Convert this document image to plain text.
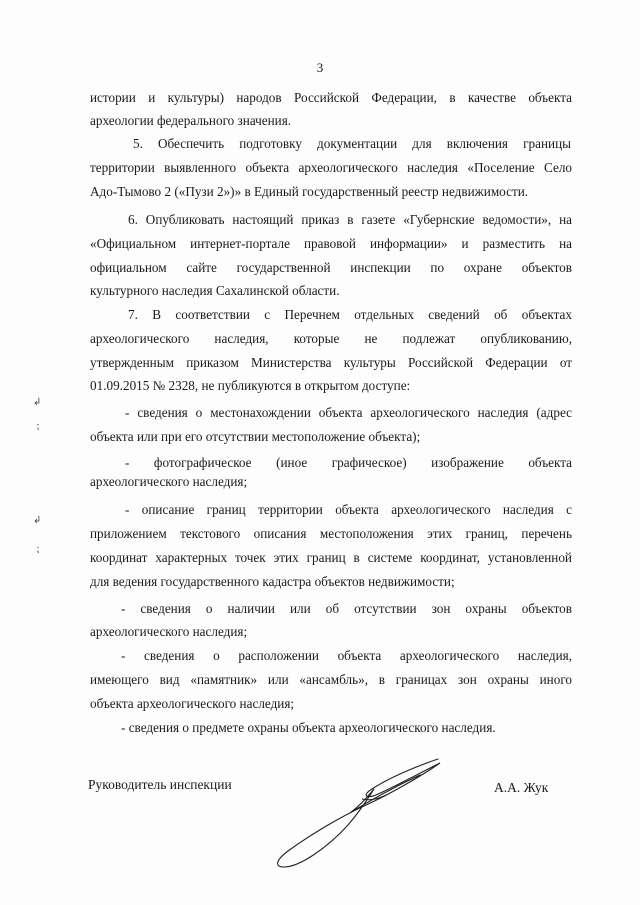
3
истории и культуры) народов Российской Федерации, в качестве объекта
археологии федерального значения.
5. Обеспечить подготовку документации для включения границы
территории выявленного объекта археологического наследия «Поселение Село
Адо-Тымово 2 («Пузи 2»)» в Единый государственный реестр недвижимости.
6. Опубликовать настоящий приказ в газете «Губернские ведомости», на
«Официальном интернет-портале правовой информации» и разместить на
официальном сайте государственной инспекции по охране объектов
культурного наследия Сахалинской области.
7. В соответствии с Перечнем отдельных сведений об объектах
археологического наследия, которые не подлежат опубликованию,
утвержденным приказом Министерства культуры Российской Федерации от
01.09.2015 № 2328, не публикуются в открытом доступе:
- сведения о местонахождении объекта археологического наследия (адрес
объекта или при его отсутствии местоположение объекта);
- фотографическое (иное графическое) изображение объекта
археологического наследия;
- описание границ территории объекта археологического наследия с
приложением текстового описания местоположения этих границ, перечень
координат характерных точек этих границ в системе координат, установленной
для ведения государственного кадастра объектов недвижимости;
- сведения о наличии или об отсутствии зон охраны объектов
археологического наследия;
- сведения о расположении объекта археологического наследия,
имеющего вид «памятник» или «ансамбль», в границах зон охраны иного
объекта археологического наследия;
- сведения о предмете охраны объекта археологического наследия.
↲
⁏
↲
⁏
Руководитель инспекции	А.А. Жук
